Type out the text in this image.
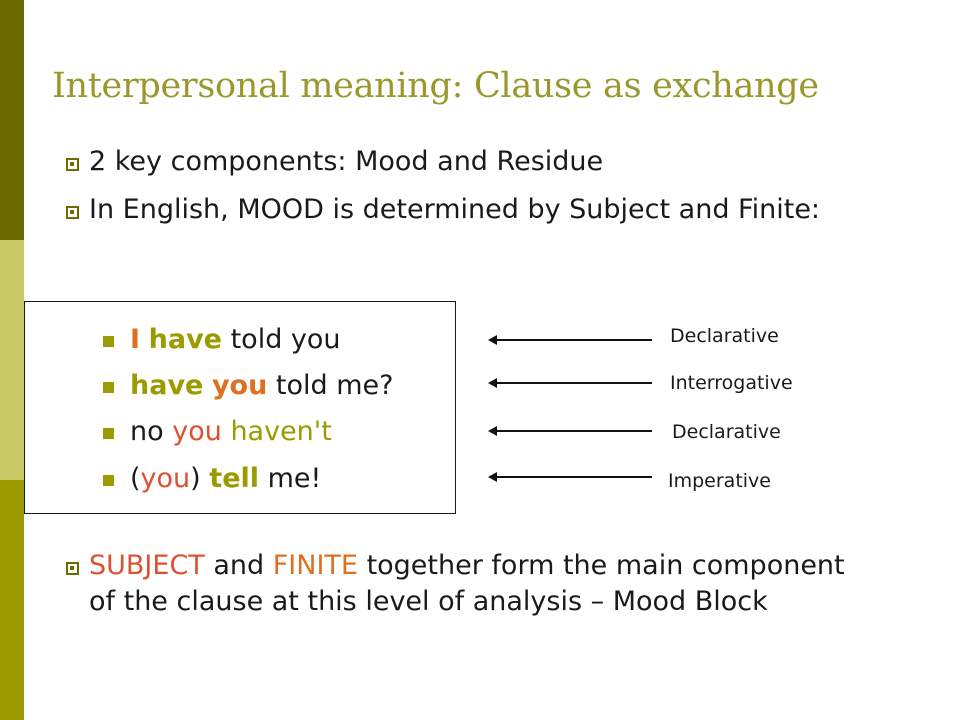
Interpersonal meaning: Clause as exchange
2 key components: Mood and Residue
In English, MOOD is determined by Subject and Finite:
I have told you
have you told me?
no you haven't
(you) tell me!
Declarative
Interrogative
Declarative
Imperative
SUBJECT and FINITE together form the main component of the clause at this level of analysis – Mood Block
